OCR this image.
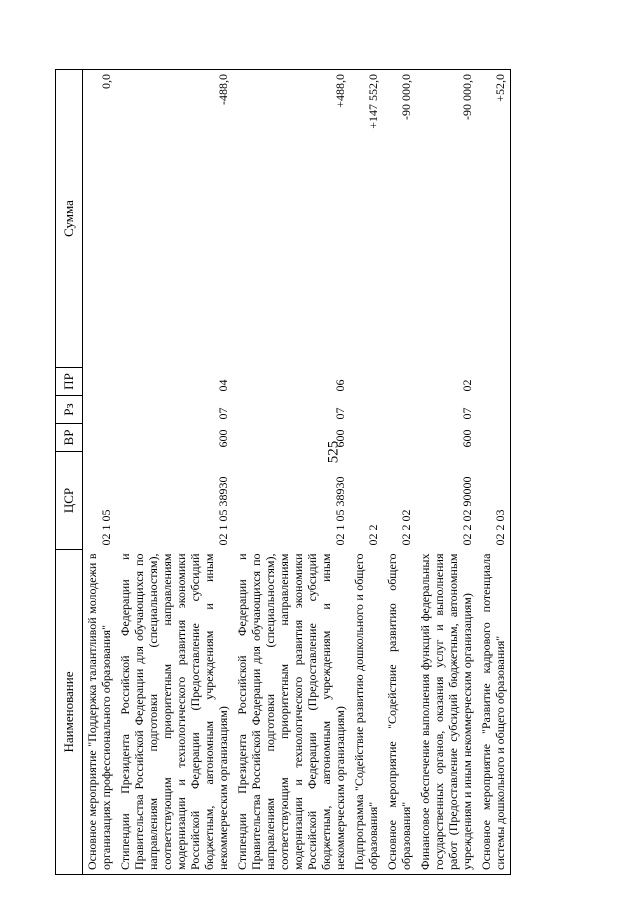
525
Наименование	ЦСР	ВР	Рз	ПР	Сумма
Основное мероприятие "Поддержка талантливой молодежи в организациях профессионального образования"	02 1 05				0,0
Стипендии Президента Российской Федерации и Правительства Российской Федерации для обучающихся по направлениям подготовки (специальностям), соответствующим приоритетным направлениям модернизации и технологического развития экономики Российской Федерации (Предоставление субсидий бюджетным, автономным учреждениям и иным некоммерческим организациям)	02 1 05 38930	600	07	04	-488,0
Стипендии Президента Российской Федерации и Правительства Российской Федерации для обучающихся по направлениям подготовки (специальностям), соответствующим приоритетным направлениям модернизации и технологического развития экономики Российской Федерации (Предоставление субсидий бюджетным, автономным учреждениям и иным некоммерческим организациям)	02 1 05 38930	600	07	06	+488,0
Подпрограмма "Содействие развитию дошкольного и общего образования"	02 2				+147 552,0
Основное мероприятие "Содействие развитию общего образования"	02 2 02				-90 000,0
Финансовое обеспечение выполнения функций федеральных государственных органов, оказания услуг и выполнения работ (Предоставление субсидий бюджетным, автономным учреждениям и иным некоммерческим организациям)	02 2 02 90000	600	07	02	-90 000,0
Основное мероприятие "Развитие кадрового потенциала системы дошкольного и общего образования"	02 2 03				+52,0
